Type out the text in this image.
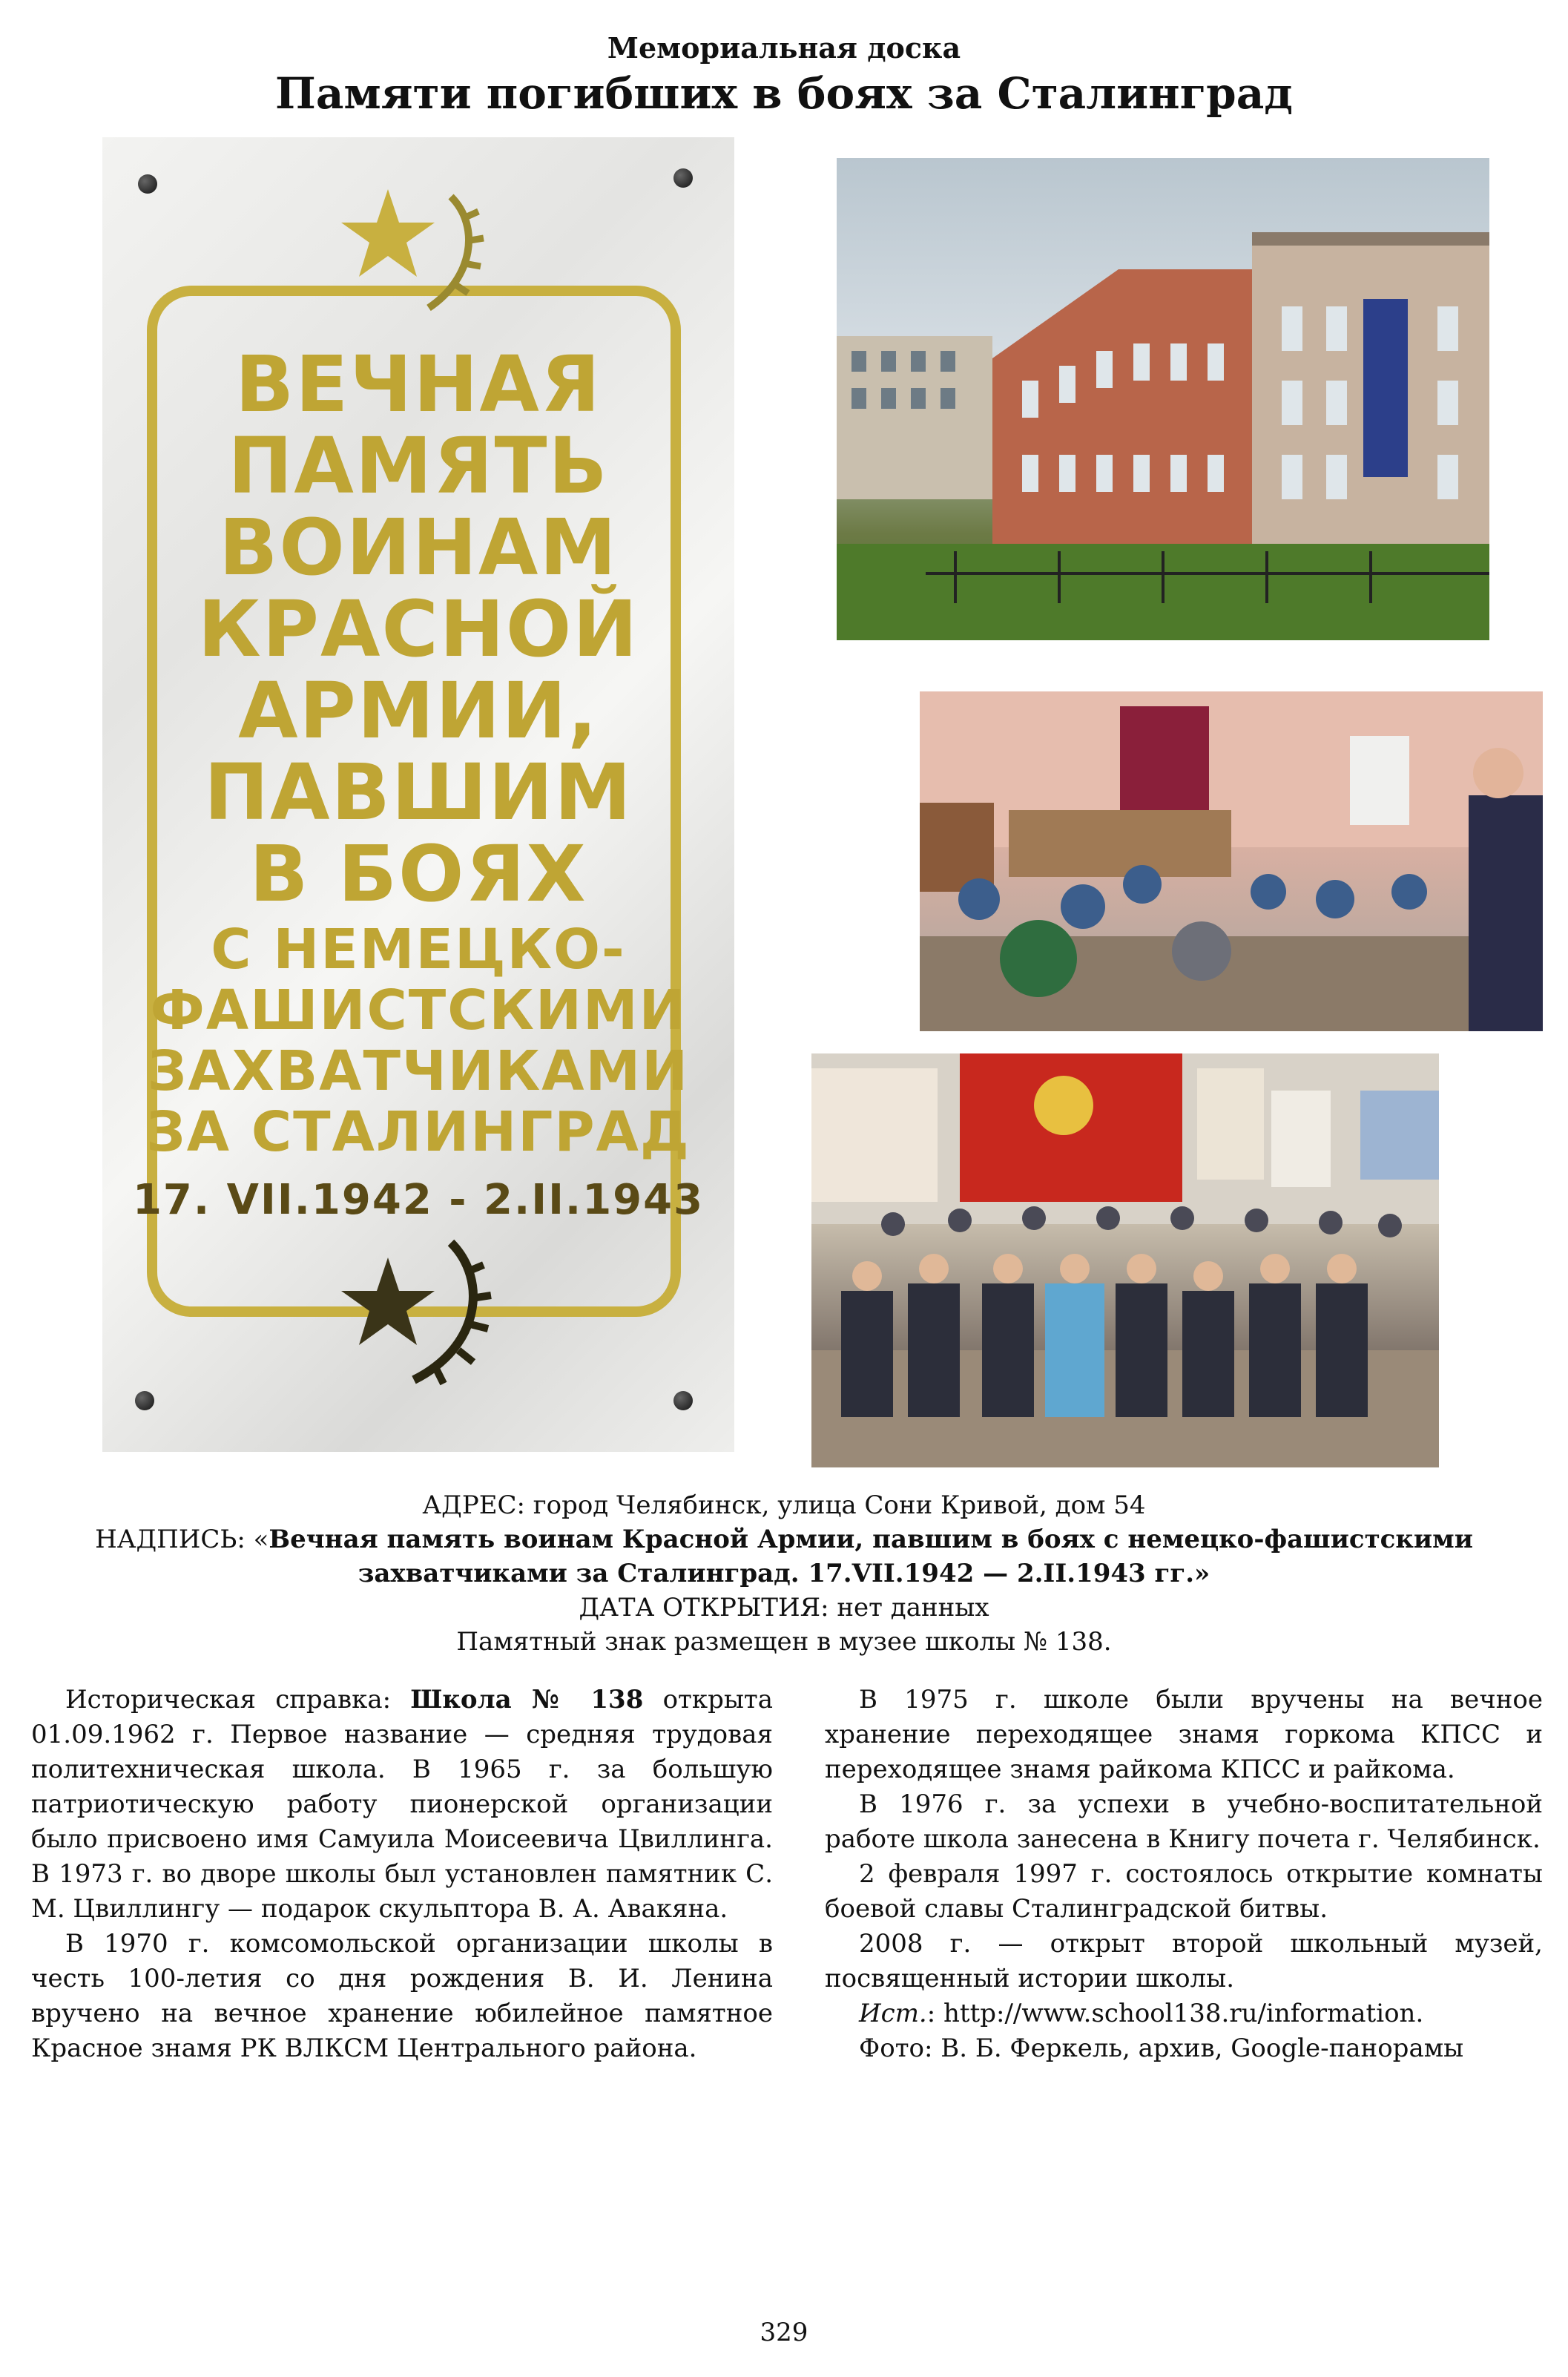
Мемориальная доска
Памяти погибших в боях за Сталинград
ВЕЧНАЯ
ПАМЯТЬ
ВОИНАМ
КРАСНОЙ
АРМИИ,
ПАВШИМ
В БОЯХ
С НЕМЕЦКО-
ФАШИСТСКИМИ
ЗАХВАТЧИКАМИ
ЗА СТАЛИНГРАД
17. VII.1942 - 2.II.1943
АДРЕС: город Челябинск, улица Сони Кривой, дом 54
НАДПИСЬ: «Вечная память воинам Красной Армии, павшим в боях с немецко-фашистскими
захватчиками за Сталинград. 17.VII.1942 — 2.II.1943 гг.»
ДАТА ОТКРЫТИЯ: нет данных
Памятный знак размещен в музее школы № 138.

Историческая справка: Школа № 138 открыта 01.09.1962 г. Первое название — средняя трудовая политехническая школа. В 1965 г. за большую патриотическую работу пионерской организации было присвоено имя Самуила Моисеевича Цвиллинга. В 1973 г. во дворе школы был установлен памятник С. М. Цвиллингу — подарок скульптора В. А. Авакяна.

В 1970 г. комсомольской организации школы в честь 100-летия со дня рождения В. И. Ленина вручено на вечное хранение юбилейное памятное Красное знамя РК ВЛКСМ Центрального района.

В 1975 г. школе были вручены на вечное хранение переходящее знамя горкома КПСС и переходящее знамя райкома КПСС и райкома.

В 1976 г. за успехи в учебно-воспитательной работе школа занесена в Книгу почета г. Челябинск.

2 февраля 1997 г. состоялось открытие комнаты боевой славы Сталинградской битвы.

2008 г. — открыт второй школьный музей, посвященный истории школы.

Ист.: http://www.school138.ru/information.

Фото: В. Б. Феркель, архив, Google-панорамы

329
